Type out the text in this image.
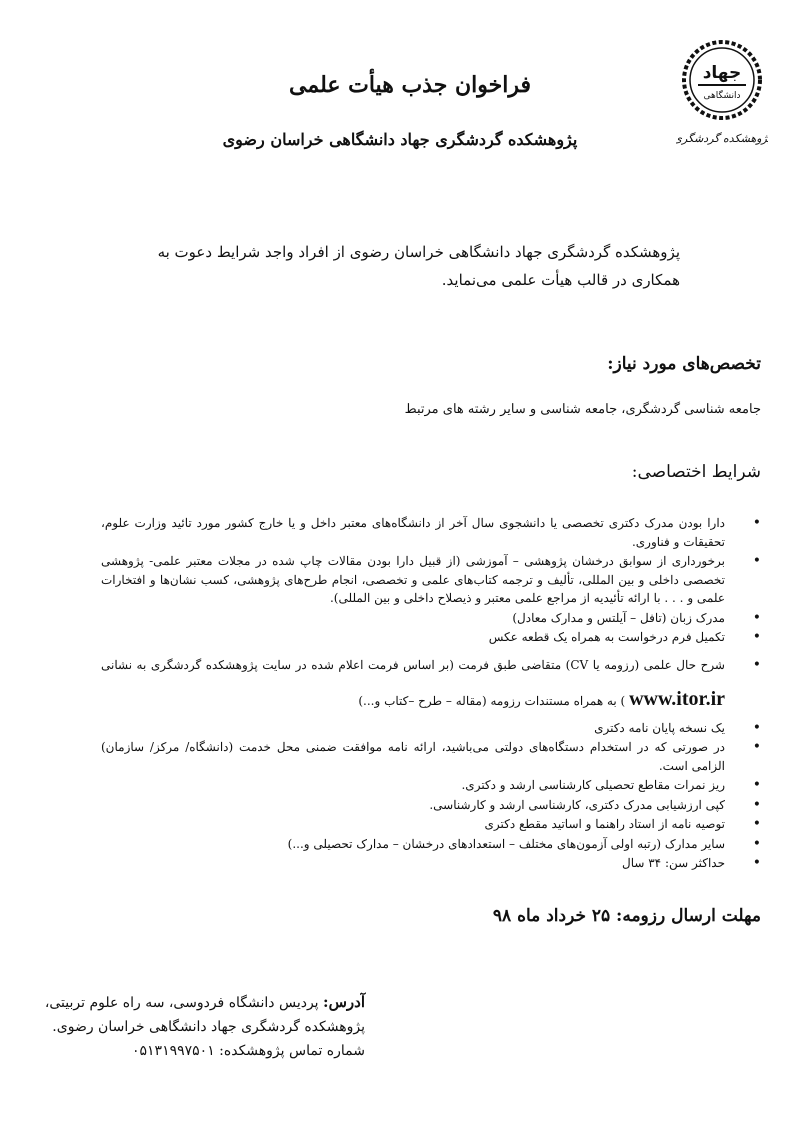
جهاد
دانشگاهی
پژوهشکده گردشگری
فراخوان جذب هیأت علمی
پژوهشکده گردشگری جهاد دانشگاهی خراسان رضوی
پژوهشکده گردشگری جهاد دانشگاهی خراسان رضوی از افراد واجد شرایط دعوت به همکاری در قالب هیأت علمی می‌نماید.
تخصص‌های مورد نیاز:
جامعه شناسی گردشگری، جامعه شناسی و سایر رشته های مرتبط
شرایط اختصاصی:
• دارا بودن مدرک دکتری تخصصی یا دانشجوی سال آخر از دانشگاه‌های معتبر داخل و یا خارج کشور مورد تائید وزارت علوم، تحقیقات و فناوری.
• برخورداری از سوابق درخشان پژوهشی – آموزشی (از قبیل دارا بودن مقالات چاپ شده در مجلات معتبر علمی- پژوهشی تخصصی داخلی و بین المللی، تألیف و ترجمه کتاب‌های علمی و تخصصی، انجام طرح‌های پژوهشی، کسب نشان‌ها و افتخارات علمی و . . . با ارائه تأئیدیه از مراجع علمی معتبر و ذیصلاح داخلی و بین المللی).
• مدرک زبان (تافل – آیلتس و مدارک معادل)
• تکمیل فرم درخواست به همراه یک قطعه عکس
• شرح حال علمی (رزومه یا CV) متقاضی طبق فرمت (بر اساس فرمت اعلام شده در سایت پژوهشکده گردشگری به نشانی www.itor.ir ) به همراه مستندات رزومه (مقاله – طرح –کتاب و...)
• یک نسخه پایان نامه دکتری
• در صورتی که در استخدام دستگاه‌های دولتی می‌باشید، ارائه نامه موافقت ضمنی محل خدمت (دانشگاه/ مرکز/ سازمان) الزامی است.
• ریز نمرات مقاطع تحصیلی کارشناسی ارشد و دکتری.
• کپی ارزشیابی مدرک دکتری، کارشناسی ارشد و کارشناسی.
• توصیه نامه از استاد راهنما و اساتید مقطع دکتری
• سایر مدارک (رتبه اولی آزمون‌های مختلف – استعدادهای درخشان – مدارک تحصیلی و...)
• حداکثر سن: ۳۴ سال
مهلت ارسال رزومه: ۲۵ خرداد ماه ۹۸
آدرس: پردیس دانشگاه فردوسی، سه راه علوم تربیتی،
پژوهشکده گردشگری جهاد دانشگاهی خراسان رضوی.
شماره تماس پژوهشکده: ۰۵۱۳۱۹۹۷۵۰۱
